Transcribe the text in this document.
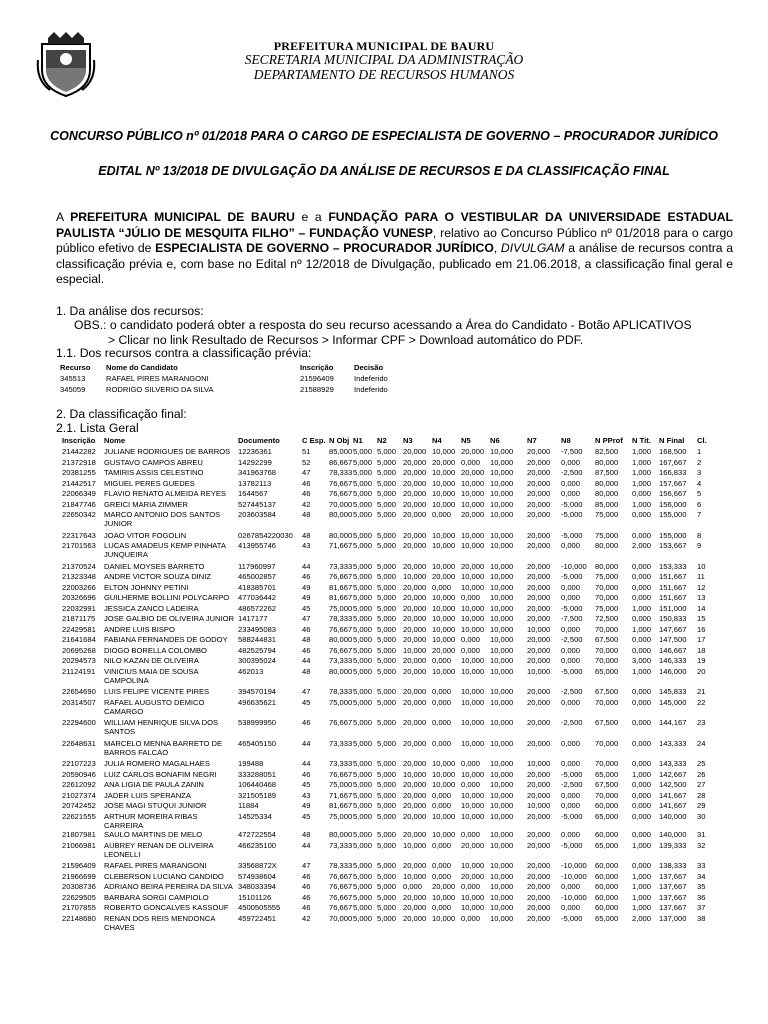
PREFEITURA MUNICIPAL DE BAURU
SECRETARIA MUNICIPAL DA ADMINISTRAÇÃO
DEPARTAMENTO DE RECURSOS HUMANOS
CONCURSO PÚBLICO nº 01/2018 PARA O CARGO DE ESPECIALISTA DE GOVERNO – PROCURADOR JURÍDICO
EDITAL Nº 13/2018 DE DIVULGAÇÃO DA ANÁLISE DE RECURSOS E DA CLASSIFICAÇÃO FINAL
A PREFEITURA MUNICIPAL DE BAURU e a FUNDAÇÃO PARA O VESTIBULAR DA UNIVERSIDADE ESTADUAL PAULISTA “JÚLIO DE MESQUITA FILHO” – FUNDAÇÃO VUNESP, relativo ao Concurso Público nº 01/2018 para o cargo público efetivo de ESPECIALISTA DE GOVERNO – PROCURADOR JURÍDICO, DIVULGAM a análise de recursos contra a classificação prévia e, com base no Edital nº 12/2018 de Divulgação, publicado em 21.06.2018, a classificação final geral e especial.
1. Da análise dos recursos:
OBS.: o candidato poderá obter a resposta do seu recurso acessando a Área do Candidato - Botão APLICATIVOS
> Clicar no link Resultado de Recursos > Informar CPF > Download automático do PDF.
1.1. Dos recursos contra a classificação prévia:
Recurso	Nome do Candidato	Inscrição	Decisão
345513	RAFAEL PIRES MARANGONI	21596409	Indeferido
345059	RODRIGO SILVERIO DA SILVA	21588929	Indeferido
2. Da classificação final:
2.1. Lista Geral
Inscrição	Nome	Documento	C Esp.	N Obj	N1	N2	N3	N4	N5	N6	N7	N8	N PProf	N Tit.	N Final	Cl.
21442282	JULIANE RODRIGUES DE BARROS	12236361	51	85,000	5,000	5,000	20,000	10,000	20,000	10,000	20,000	-7,500	82,500	1,000	168,500	1
21372918	GUSTAVO CAMPOS ABREU	14292299	52	86,667	5,000	5,000	20,000	20,000	0,000	10,000	20,000	0,000	80,000	1,000	167,667	2
20381255	TAMIRIS ASSIS CELESTINO	341963768	47	78,333	5,000	5,000	20,000	10,000	20,000	10,000	20,000	-2,500	87,500	1,000	166,833	3
21442517	MIGUEL PERES GUEDES	13782113	46	76,667	5,000	5,000	20,000	10,000	10,000	10,000	20,000	0,000	80,000	1,000	157,667	4
22066349	FLAVIO RENATO ALMEIDA REYES	1644567	46	76,667	5,000	5,000	20,000	10,000	10,000	10,000	20,000	0,000	80,000	0,000	156,667	5
21847746	GREICI MARIA ZIMMER	527445137	42	70,000	5,000	5,000	20,000	10,000	10,000	10,000	20,000	-5,000	85,000	1,000	156,000	6
22650342	MARCO ANTONIO DOS SANTOS JUNIOR	203603584	48	80,000	5,000	5,000	20,000	0,000	20,000	10,000	20,000	-5,000	75,000	0,000	155,000	7
22317643	JOAO VITOR FOGOLIN	0267854220030	48	80,000	5,000	5,000	20,000	10,000	10,000	10,000	20,000	-5,000	75,000	0,000	155,000	8
21701563	LUCAS AMADEUS KEMP PINHATA JUNQUEIRA	413955746	43	71,667	5,000	5,000	20,000	10,000	10,000	10,000	20,000	0,000	80,000	2,000	153,667	9
21370524	DANIEL MOYSES BARRETO	117960997	44	73,333	5,000	5,000	20,000	10,000	20,000	10,000	20,000	-10,000	80,000	0,000	153,333	10
21323348	ANDRE VICTOR SOUZA DINIZ	465002857	46	76,667	5,000	5,000	10,000	20,000	10,000	10,000	20,000	-5,000	75,000	0,000	151,667	11
22003266	ELTON JOHNNY PETINI	418385701	49	81,667	5,000	5,000	20,000	0,000	10,000	10,000	20,000	0,000	70,000	0,000	151,667	12
20326696	GUILHERME BOLLINI POLYCARPO	477036442	49	81,667	5,000	5,000	20,000	10,000	0,000	10,000	20,000	0,000	70,000	0,000	151,667	13
22032991	JESSICA ZANCO LADEIRA	486572262	45	75,000	5,000	5,000	20,000	10,000	10,000	10,000	20,000	-5,000	75,000	1,000	151,000	14
21871175	JOSE GALBIO DE OLIVEIRA JUNIOR	1417177	47	78,333	5,000	5,000	20,000	10,000	10,000	10,000	20,000	-7,500	72,500	0,000	150,833	15
22429581	ANDRE LUIS BISPO	233495083	46	76,667	5,000	5,000	20,000	10,000	10,000	10,000	10,000	0,000	70,000	1,000	147,667	16
21641684	FABIANA FERNANDES DE GODOY	588244831	48	80,000	5,000	5,000	20,000	10,000	0,000	10,000	20,000	-2,500	67,500	0,000	147,500	17
20695268	DIOGO BORELLA COLOMBO	482525794	46	76,667	5,000	5,000	10,000	20,000	0,000	10,000	20,000	0,000	70,000	0,000	146,667	18
20294573	NILO KAZAN DE OLIVEIRA	300395024	44	73,333	5,000	5,000	20,000	0,000	10,000	10,000	20,000	0,000	70,000	3,000	146,333	19
21124191	VINICIUS MAIA DE SOUSA CAMPOLINA	462013	48	80,000	5,000	5,000	20,000	10,000	10,000	10,000	10,000	-5,000	65,000	1,000	146,000	20
22654690	LUIS FELIPE VICENTE PIRES	394570194	47	78,333	5,000	5,000	20,000	0,000	10,000	10,000	20,000	-2,500	67,500	0,000	145,833	21
20314507	RAFAEL AUGUSTO DEMICO CAMARGO	496635621	45	75,000	5,000	5,000	20,000	0,000	10,000	10,000	20,000	0,000	70,000	0,000	145,000	22
22294600	WILLIAM HENRIQUE SILVA DOS SANTOS	538999950	46	76,667	5,000	5,000	20,000	0,000	10,000	10,000	20,000	-2,500	67,500	0,000	144,167	23
22648631	MARCELO MENNA BARRETO DE BARROS FALCAO	465405150	44	73,333	5,000	5,000	20,000	0,000	10,000	10,000	20,000	0,000	70,000	0,000	143,333	24
22107223	JULIA ROMERO MAGALHAES	199488	44	73,333	5,000	5,000	20,000	10,000	0,000	10,000	10,000	0,000	70,000	0,000	143,333	25
20590946	LUIZ CARLOS BONAFIM NEGRI	333288051	46	76,667	5,000	5,000	10,000	10,000	10,000	10,000	20,000	-5,000	65,000	1,000	142,667	26
22612092	ANA LIGIA DE PAULA ZANIN	106440468	45	75,000	5,000	5,000	20,000	10,000	0,000	10,000	20,000	-2,500	67,500	0,000	142,500	27
21027374	JADER LUIS SPERANZA	321505189	43	71,667	5,000	5,000	20,000	0,000	10,000	10,000	20,000	0,000	70,000	0,000	141,667	28
20742452	JOSE MAGI STUQUI JUNIOR	11884	49	81,667	5,000	5,000	20,000	0,000	10,000	10,000	10,000	0,000	60,000	0,000	141,667	29
22621555	ARTHUR MOREIRA RIBAS CARREIRA	14525334	45	75,000	5,000	5,000	20,000	10,000	10,000	10,000	20,000	-5,000	65,000	0,000	140,000	30
21807981	SAULO MARTINS DE MELO	472722554	48	80,000	5,000	5,000	20,000	10,000	0,000	10,000	20,000	0,000	60,000	0,000	140,000	31
21066981	AUBREY RENAN DE OLIVEIRA LEONELLI	466235100	44	73,333	5,000	5,000	10,000	0,000	20,000	10,000	20,000	-5,000	65,000	1,000	139,333	32
21596409	RAFAEL PIRES MARANGONI	33568872X	47	78,333	5,000	5,000	20,000	0,000	10,000	10,000	20,000	-10,000	60,000	0,000	138,333	33
21966699	CLEBERSON LUCIANO CANDIDO	574938604	46	76,667	5,000	5,000	10,000	0,000	20,000	10,000	20,000	-10,000	60,000	1,000	137,667	34
20308736	ADRIANO BEIRA PEREIRA DA SILVA	348033394	46	76,667	5,000	5,000	0,000	20,000	0,000	10,000	20,000	0,000	60,000	1,000	137,667	35
22629505	BARBARA SORGI CAMPIOLO	15101126	46	76,667	5,000	5,000	20,000	10,000	10,000	10,000	20,000	-10,000	60,000	1,000	137,667	36
21707855	ROBERTO GONCALVES KASSOUF	4500505555	46	76,667	5,000	5,000	20,000	0,000	10,000	10,000	20,000	0,000	60,000	1,000	137,667	37
22148680	RENAN DOS REIS MENDONCA CHAVES	459722451	42	70,000	5,000	5,000	20,000	10,000	0,000	10,000	20,000	-5,000	65,000	2,000	137,000	38
